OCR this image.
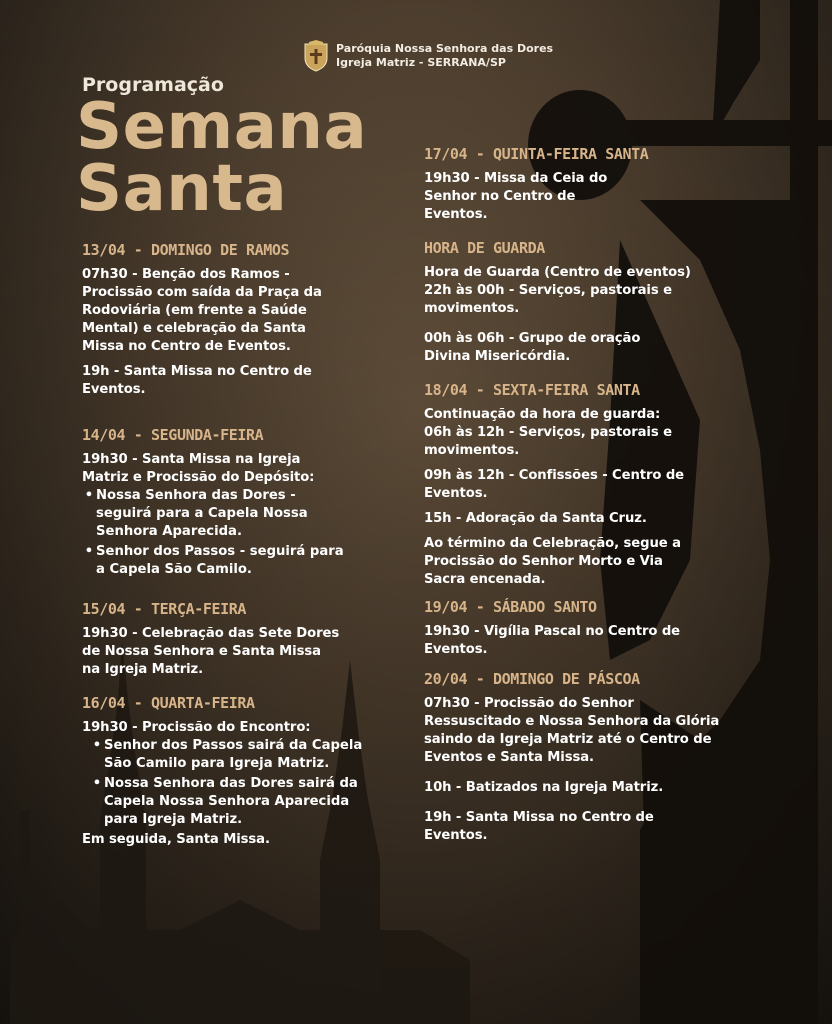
Paróquia Nossa Senhora das Dores
Igreja Matriz - SERRANA/SP
Programação
Semana
Santa
13/04 - DOMINGO DE RAMOS
07h30 - Benção dos Ramos -
Procissão com saída da Praça da
Rodoviária (em frente a Saúde
Mental) e celebração da Santa
Missa no Centro de Eventos.
19h - Santa Missa no Centro de
Eventos.
14/04 - SEGUNDA-FEIRA
19h30 - Santa Missa na Igreja
Matriz e Procissão do Depósito:
• Nossa Senhora das Dores -
seguirá para a Capela Nossa
Senhora Aparecida.
• Senhor dos Passos - seguirá para
a Capela São Camilo.
15/04 - TERÇA-FEIRA
19h30 - Celebração das Sete Dores
de Nossa Senhora e Santa Missa
na Igreja Matriz.
16/04 - QUARTA-FEIRA
19h30 - Procissão do Encontro:
• Senhor dos Passos sairá da Capela
São Camilo para Igreja Matriz.
• Nossa Senhora das Dores sairá da
Capela Nossa Senhora Aparecida
para Igreja Matriz.
Em seguida, Santa Missa.
17/04 - QUINTA-FEIRA SANTA
19h30 - Missa da Ceia do
Senhor no Centro de
Eventos.
HORA DE GUARDA
Hora de Guarda (Centro de eventos)
22h às 00h - Serviços, pastorais e
movimentos.
00h às 06h - Grupo de oração
Divina Misericórdia.
18/04 - SEXTA-FEIRA SANTA
Continuação da hora de guarda:
06h às 12h - Serviços, pastorais e
movimentos.
09h às 12h - Confissões - Centro de
Eventos.
15h - Adoração da Santa Cruz.
Ao término da Celebração, segue a
Procissão do Senhor Morto e Via
Sacra encenada.
19/04 - SÁBADO SANTO
19h30 - Vigília Pascal no Centro de
Eventos.
20/04 - DOMINGO DE PÁSCOA
07h30 - Procissão do Senhor
Ressuscitado e Nossa Senhora da Glória
saindo da Igreja Matriz até o Centro de
Eventos e Santa Missa.
10h - Batizados na Igreja Matriz.
19h - Santa Missa no Centro de
Eventos.
